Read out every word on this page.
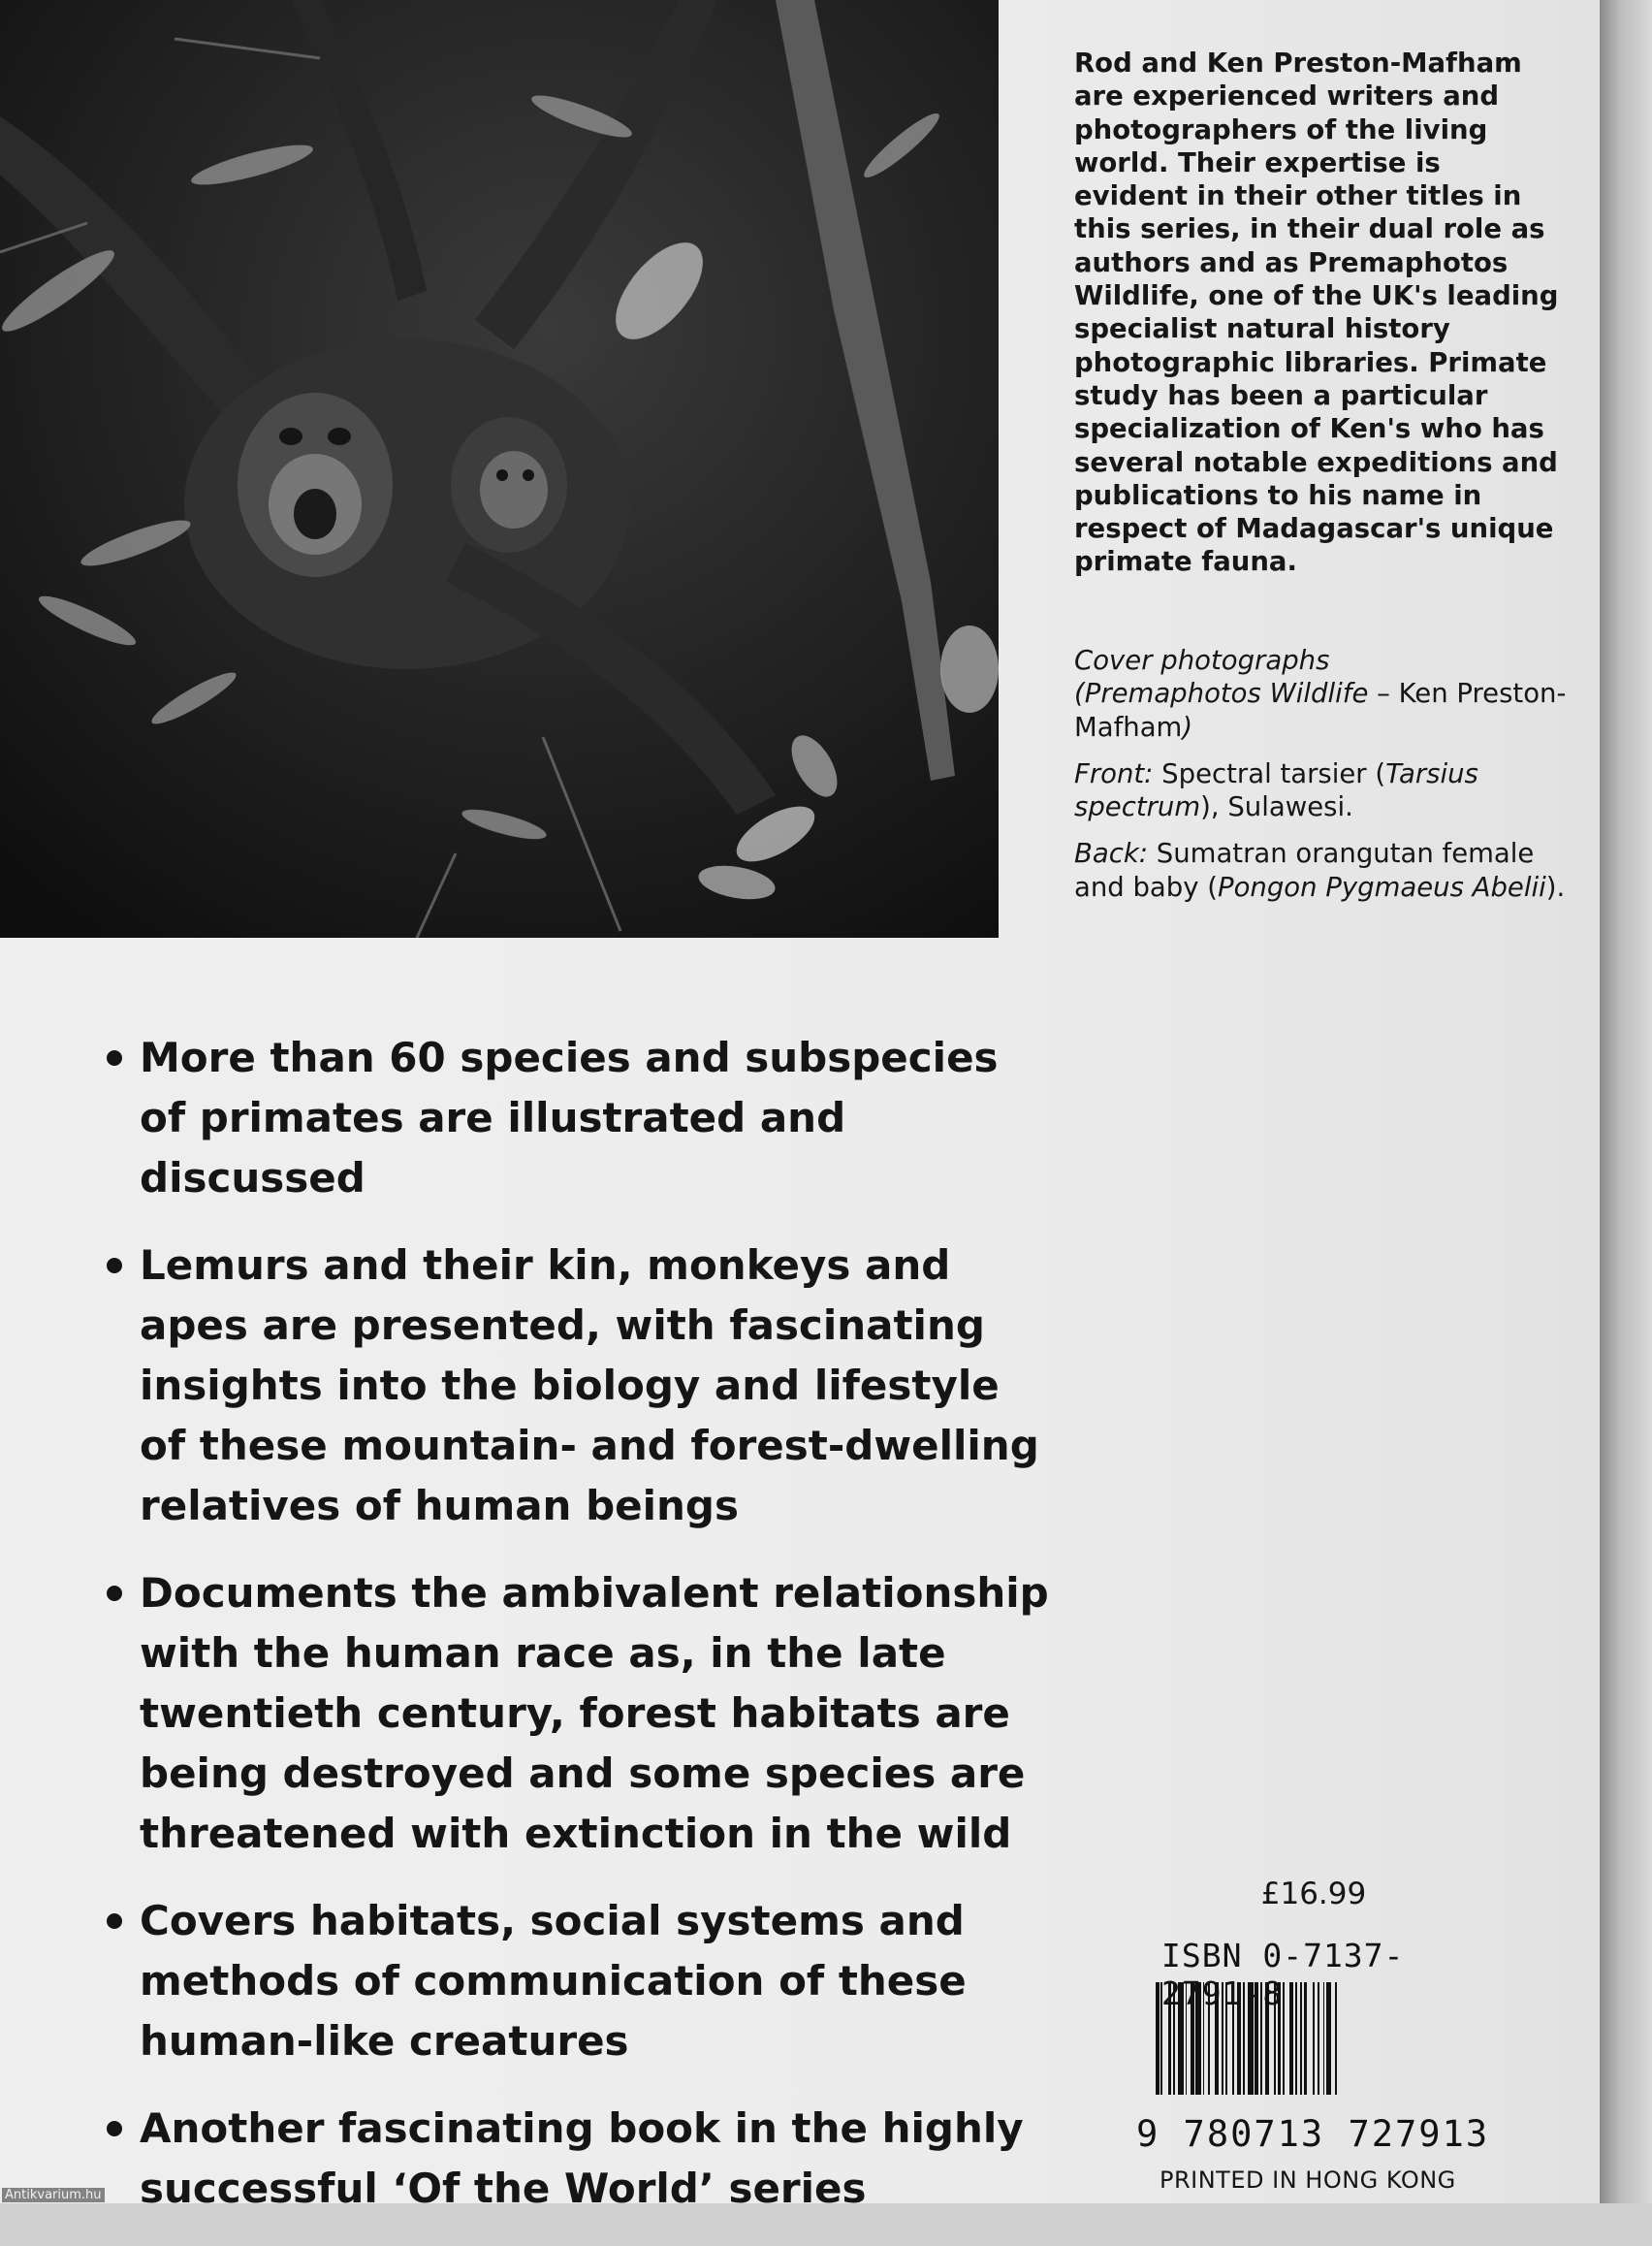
Rod and Ken Preston-Mafham are experienced writers and photographers of the living world. Their expertise is evident in their other titles in this series, in their dual role as authors and as Premaphotos Wildlife, one of the UK's leading specialist natural history photographic libraries. Primate study has been a particular specialization of Ken's who has several notable expeditions and publications to his name in respect of Madagascar's unique primate fauna.

Cover photographs
(Premaphotos Wildlife – Ken Preston-Mafham)

Front: Spectral tarsier (Tarsius spectrum), Sulawesi.

Back: Sumatran orangutan female and baby (Pongon Pygmaeus Abelii).

More than 60 species and subspecies of primates are illustrated and discussed
Lemurs and their kin, monkeys and apes are presented, with fascinating insights into the biology and lifestyle of these mountain- and forest-dwelling relatives of human beings
Documents the ambivalent relationship with the human race as, in the late twentieth century, forest habitats are being destroyed and some species are threatened with extinction in the wild
Covers habitats, social systems and methods of communication of these human-like creatures
Another fascinating book in the highly successful ‘Of the World’ series
£16.99
ISBN 0-7137-2791-8
9 780713 727913
PRINTED IN HONG KONG
Antikvarium.hu
